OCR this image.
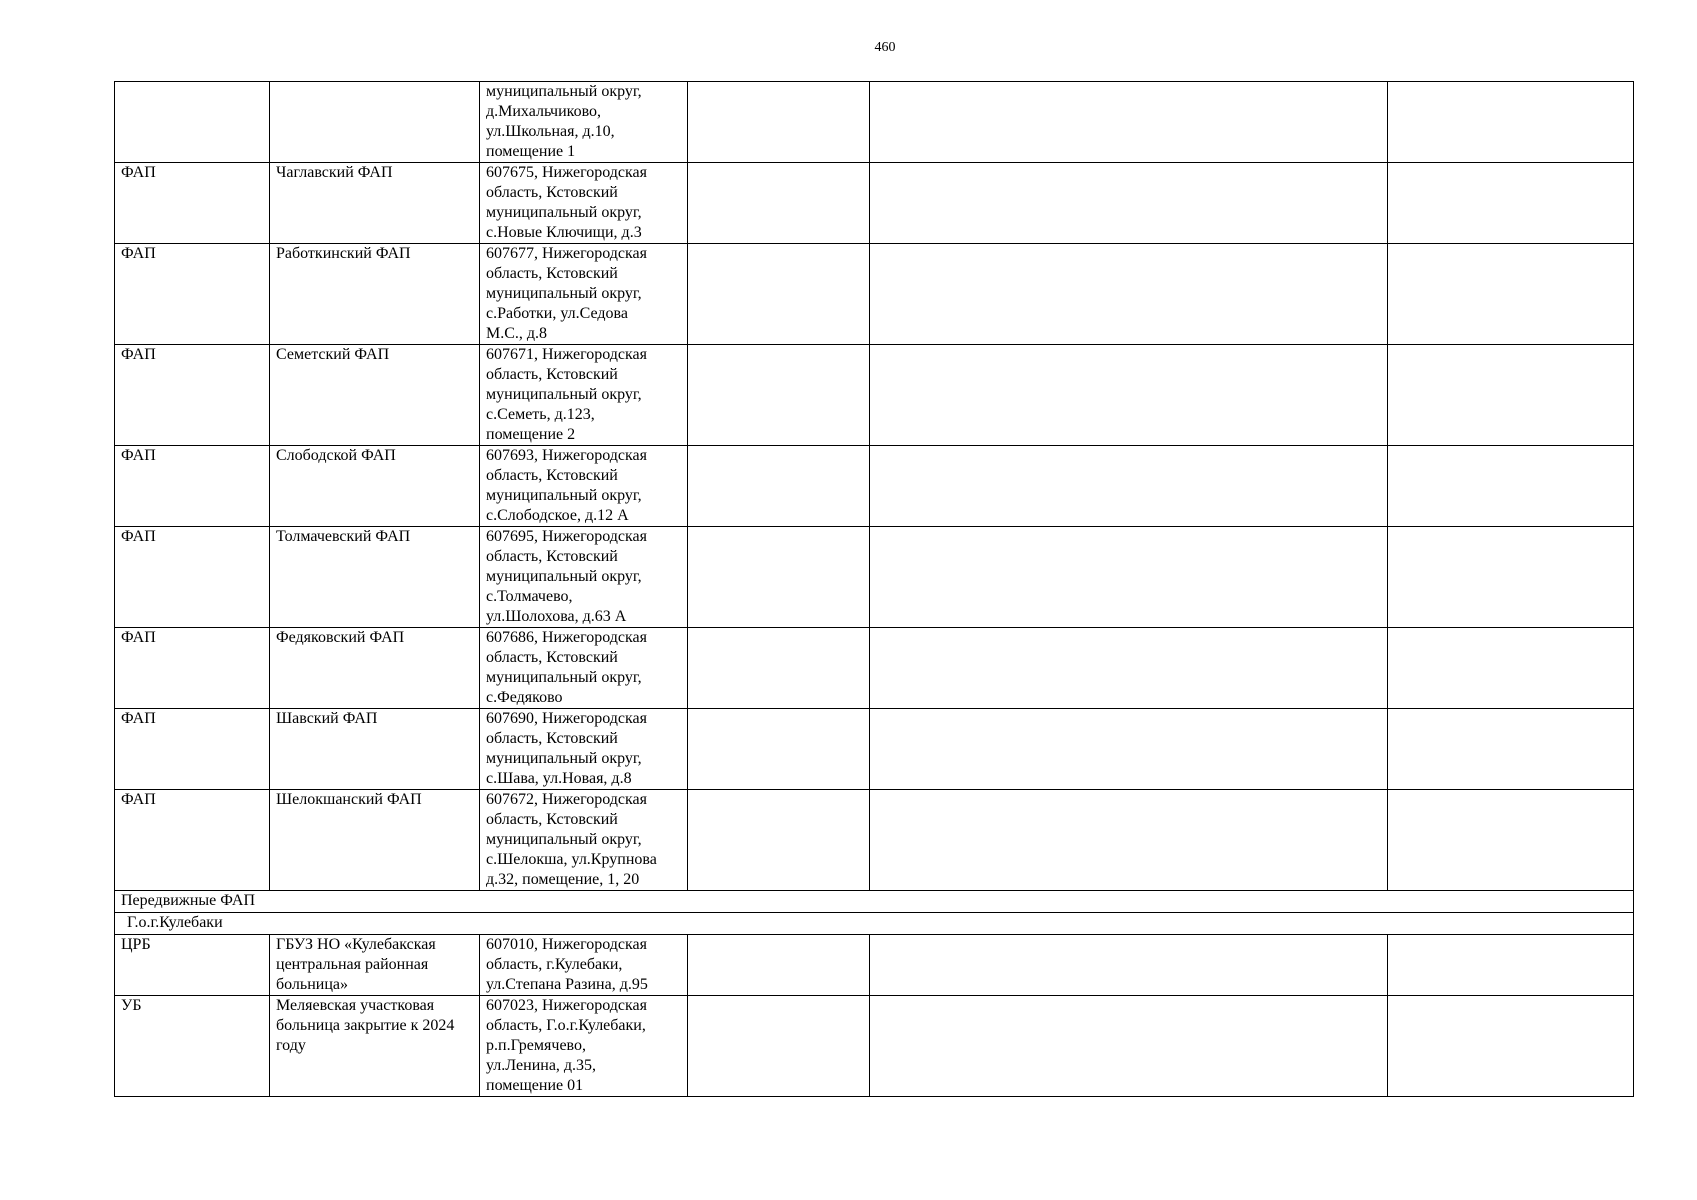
460
		муниципальный округ,
д.Михальчиково,
ул.Школьная, д.10,
помещение 1			
ФАП	Чаглавский ФАП	607675, Нижегородская
область, Кстовский
муниципальный округ,
с.Новые Ключищи, д.3			
ФАП	Работкинский ФАП	607677, Нижегородская
область, Кстовский
муниципальный округ,
с.Работки, ул.Седова
М.С., д.8			
ФАП	Семетский ФАП	607671, Нижегородская
область, Кстовский
муниципальный округ,
с.Семеть, д.123,
помещение 2			
ФАП	Слободской ФАП	607693, Нижегородская
область, Кстовский
муниципальный округ,
с.Слободское, д.12 А			
ФАП	Толмачевский ФАП	607695, Нижегородская
область, Кстовский
муниципальный округ,
с.Толмачево,
ул.Шолохова, д.63 А			
ФАП	Федяковский ФАП	607686, Нижегородская
область, Кстовский
муниципальный округ,
с.Федяково			
ФАП	Шавский ФАП	607690, Нижегородская
область, Кстовский
муниципальный округ,
с.Шава, ул.Новая, д.8			
ФАП	Шелокшанский ФАП	607672, Нижегородская
область, Кстовский
муниципальный округ,
с.Шелокша, ул.Крупнова
д.32, помещение, 1, 20			
Передвижные ФАП					
Г.о.г.Кулебаки					
ЦРБ	ГБУЗ НО «Кулебакская
центральная районная
больница»	607010, Нижегородская
область, г.Кулебаки,
ул.Степана Разина, д.95			
УБ	Меляевская участковая
больница закрытие к 2024
году	607023, Нижегородская
область, Г.о.г.Кулебаки,
р.п.Гремячево,
ул.Ленина, д.35,
помещение 01			
